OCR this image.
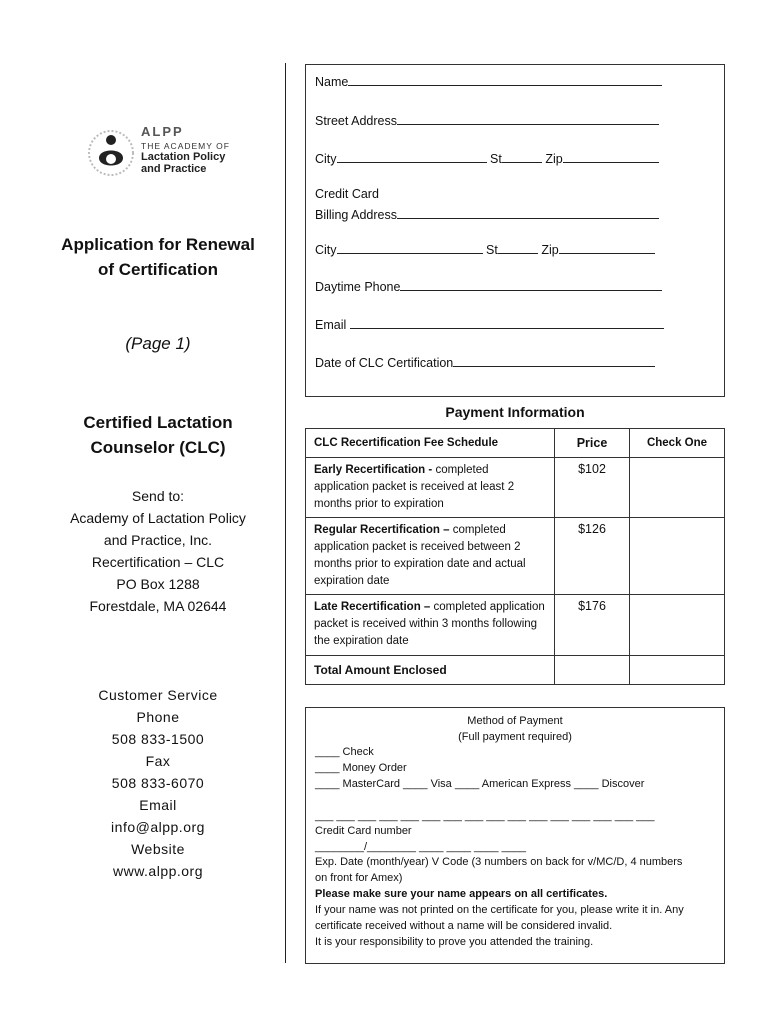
ALPP
THE ACADEMY OF
Lactation Policy
and Practice
Application for Renewal
of Certification
(Page 1)
Certified Lactation
Counselor (CLC)
Send to:
Academy of Lactation Policy
and Practice, Inc.
Recertification – CLC
PO Box 1288
Forestdale, MA 02644
Customer Service
Phone
508 833-1500
Fax
508 833-6070
Email
info@alpp.org
Website
www.alpp.org
Name
Street Address
City	St	Zip
Credit Card
Billing Address
City	St	Zip
Daytime Phone
Email
Date of CLC Certification
Payment Information
CLC Recertification Fee Schedule	Price	Check One
Early Recertification - completed application packet is received at least 2 months prior to expiration	$102	
Regular Recertification – completed application packet is received between 2 months prior to expiration date and actual expiration date	$126	
Late Recertification – completed application packet is received within 3 months following the expiration date	$176	
Total Amount Enclosed		
Method of Payment
(Full payment required)
____ Check
____ Money Order
____ MasterCard ____ Visa ____ American Express ____ Discover
___ ___ ___ ___ ___ ___ ___ ___ ___ ___ ___ ___ ___ ___ ___ ___
Credit Card number
________/________ ____ ____ ____ ____
Exp. Date (month/year) V Code (3 numbers on back for v/MC/D, 4 numbers
on front for Amex)
Please make sure your name appears on all certificates.
If your name was not printed on the certificate for you, please write it in. Any
certificate received without a name will be considered invalid.
It is your responsibility to prove you attended the training.
